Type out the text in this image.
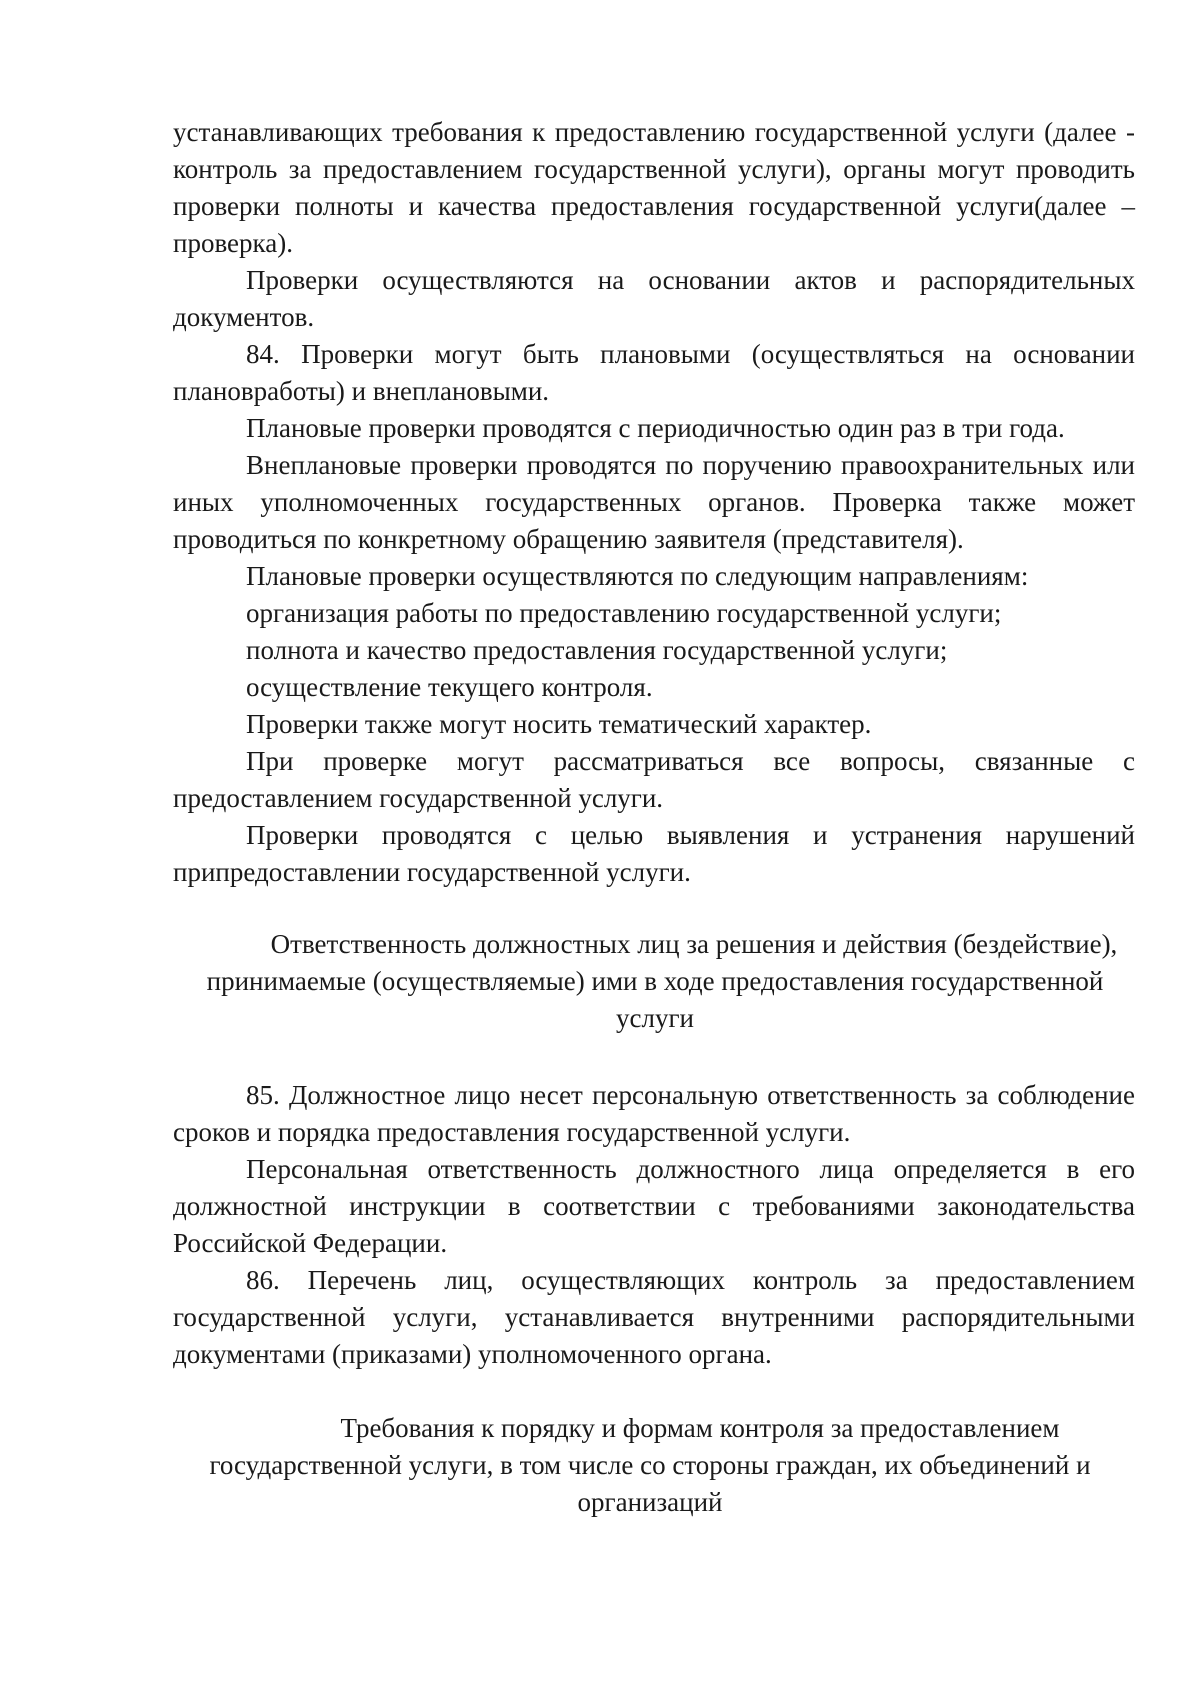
устанавливающих требования к предоставлению государственной услуги (далее - контроль за предоставлением государственной услуги), органы могут проводить проверки полноты и качества предоставления государственной услуги(далее – проверка).

Проверки осуществляются на основании актов и распорядительных документов.

84. Проверки могут быть плановыми (осуществляться на основании плановработы) и внеплановыми.

Плановые проверки проводятся с периодичностью один раз в три года.

Внеплановые проверки проводятся по поручению правоохранительных или иных уполномоченных государственных органов. Проверка также может проводиться по конкретному обращению заявителя (представителя).

Плановые проверки осуществляются по следующим направлениям:

организация работы по предоставлению государственной услуги;

полнота и качество предоставления государственной услуги;

осуществление текущего контроля.

Проверки также могут носить тематический характер.

При проверке могут рассматриваться все вопросы, связанные с предоставлением государственной услуги.

Проверки проводятся с целью выявления и устранения нарушений припредоставлении государственной услуги.

Ответственность должностных лиц за решения и действия (бездействие),
принимаемые (осуществляемые) ими в ходе предоставления государственной
услуги

85. Должностное лицо несет персональную ответственность за соблюдение сроков и порядка предоставления государственной услуги.

Персональная ответственность должностного лица определяется в его должностной инструкции в соответствии с требованиями законодательства Российской Федерации.

86. Перечень лиц, осуществляющих контроль за предоставлением государственной услуги, устанавливается внутренними распорядительными документами (приказами) уполномоченного органа.

Требования к порядку и формам контроля за предоставлением
государственной услуги, в том числе со стороны граждан, их объединений и
организаций
